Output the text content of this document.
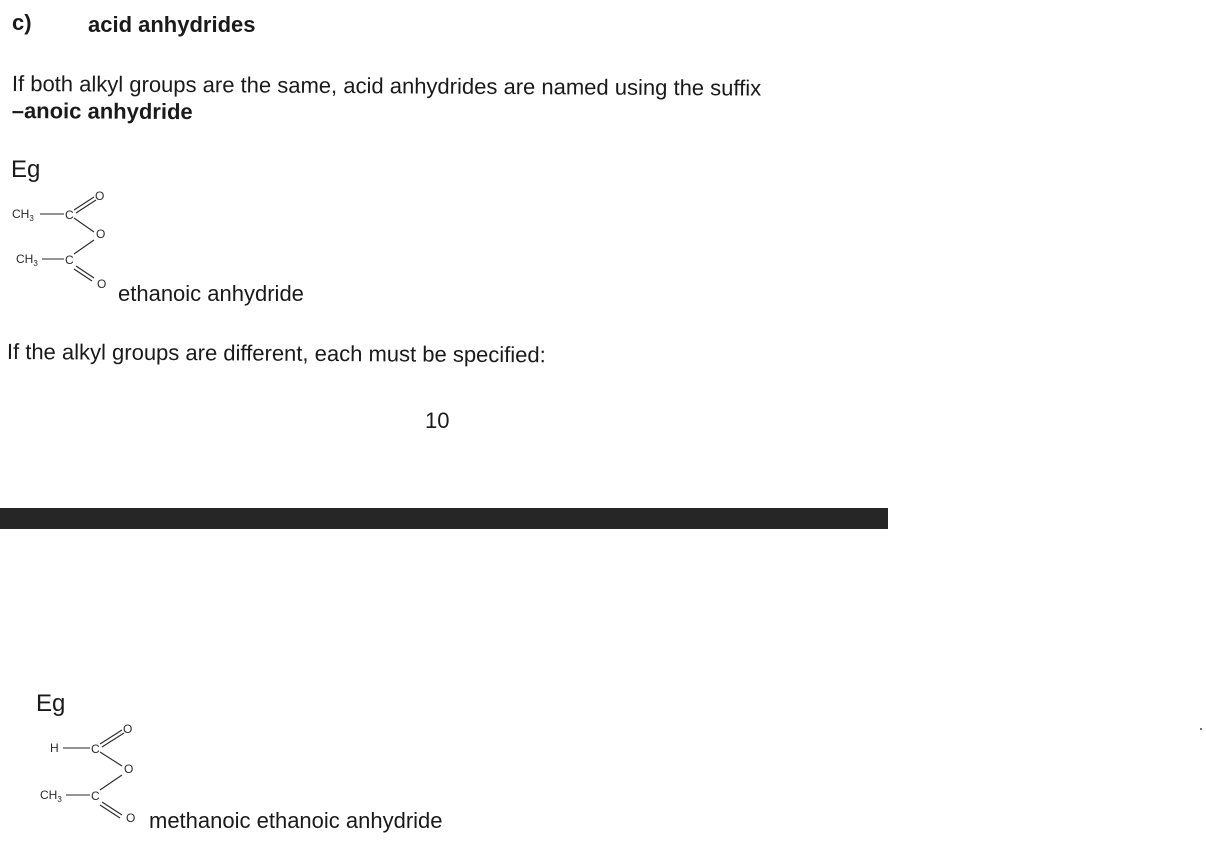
c)	acid anhydrides
If both alkyl groups are the same, acid anhydrides are named using the suffix
–anoic anhydride
Eg
$CH_3$	C
O
O
$CH_3$ C
O ethanoic anhydride
If the alkyl groups are different, each must be specified:
10
Eg
H	C
O
O
$CH_3$ C
O methanoic ethanoic anhydride
